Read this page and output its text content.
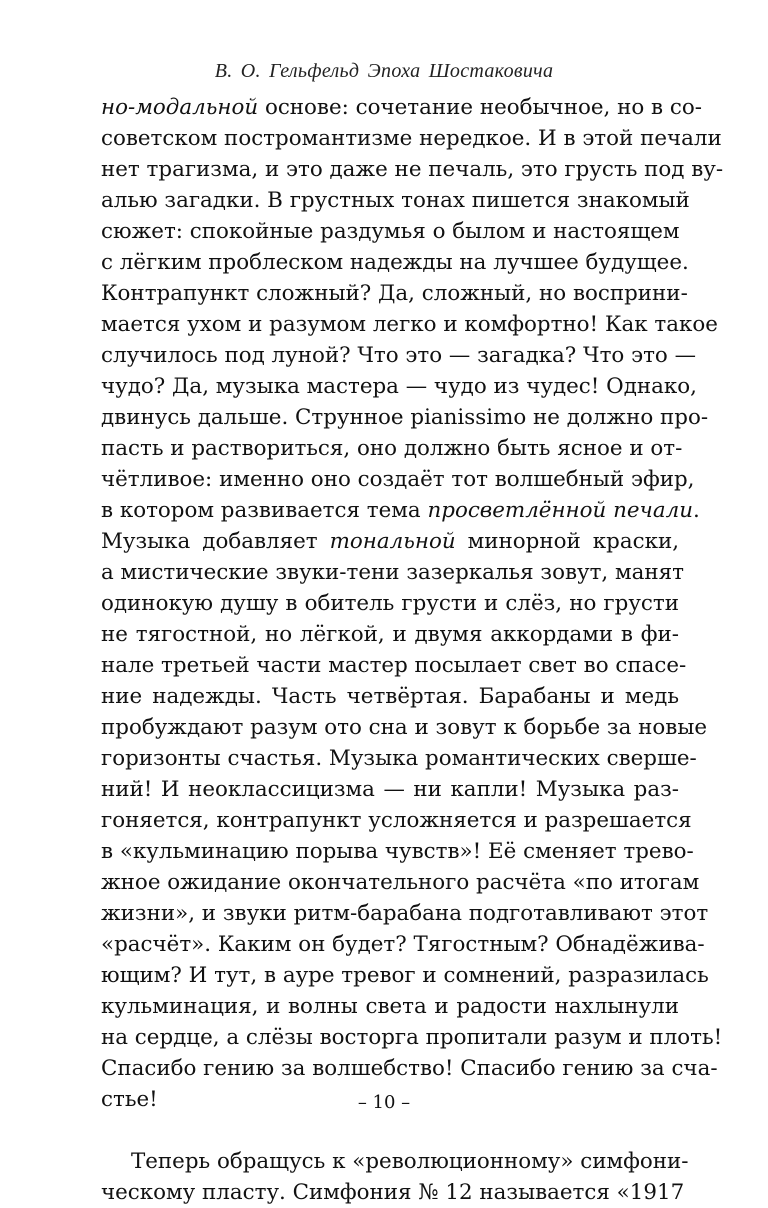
В. О. Гельфельд Эпоха Шостаковича
но-модальной основе: сочетание необычное, но в со-
советском постромантизме нередкое. И в этой печали
нет трагизма, и это даже не печаль, это грусть под ву-
алью загадки. В грустных тонах пишется знакомый
сюжет: спокойные раздумья о былом и настоящем
с лёгким проблеском надежды на лучшее будущее.
Контрапункт сложный? Да, сложный, но восприни-
мается ухом и разумом легко и комфортно! Как такое
случилось под луной? Что это — загадка? Что это —
чудо? Да, музыка мастера — чудо из чудес! Однако,
двинусь дальше. Струнное pianissimo не должно про-
пасть и раствориться, оно должно быть ясное и от-
чётливое: именно оно создаёт тот волшебный эфир,
в котором развивается тема просветлённой печали.
Музыка добавляет тональной минорной краски,
а мистические звуки-тени зазеркалья зовут, манят
одинокую душу в обитель грусти и слёз, но грусти
не тягостной, но лёгкой, и двумя аккордами в фи-
нале третьей части мастер посылает свет во спасе-
ние надежды. Часть четвёртая. Барабаны и медь
пробуждают разум ото сна и зовут к борьбе за новые
горизонты счастья. Музыка романтических сверше-
ний! И неоклассицизма — ни капли! Музыка раз-
гоняется, контрапункт усложняется и разрешается
в «кульминацию порыва чувств»! Её сменяет трево-
жное ожидание окончательного расчёта «по итогам
жизни», и звуки ритм-барабана подготавливают этот
«расчёт». Каким он будет? Тягостным? Обнадёжива-
ющим? И тут, в ауре тревог и сомнений, разразилась
кульминация, и волны света и радости нахлынули
на сердце, а слёзы восторга пропитали разум и плоть!
Спасибо гению за волшебство! Спасибо гению за сча-
стье!
Теперь обращусь к «революционному» симфони-
ческому пласту. Симфония № 12 называется «1917
– 10 –
